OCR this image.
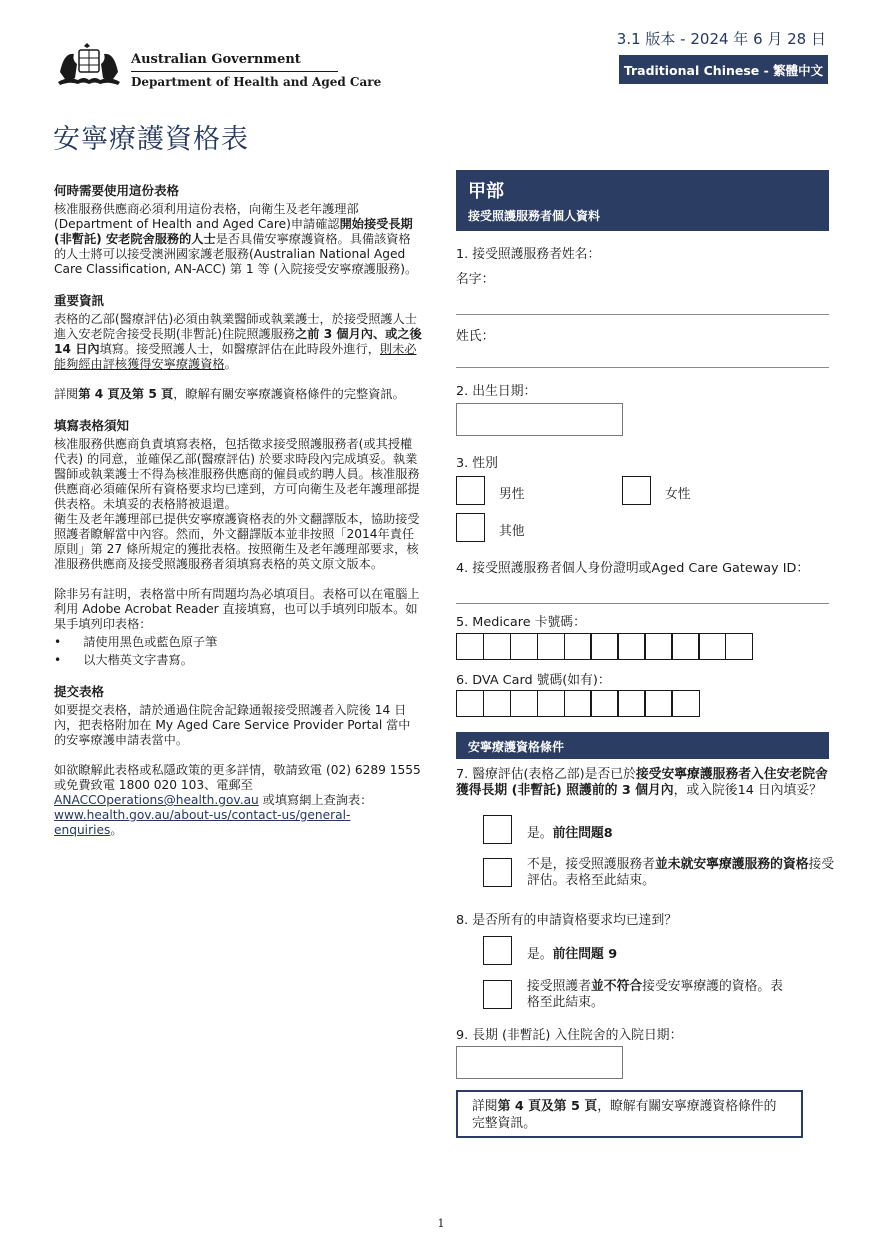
Australian Government
Department of Health and Aged Care
3.1 版本 - 2024 年 6 月 28 日
Traditional Chinese - 繁體中文
安寧療護資格表
何時需要使用這份表格

核准服務供應商必須利用這份表格，向衛生及老年護理部 (Department of Health and Aged Care)申請確認開始接受長期 (非暫託) 安老院舍服務的人士是否具備安寧療護資格。具備該資格的人士將可以接受澳洲國家護老服務(Australian National Aged Care Classification, AN-ACC) 第 1 等 (入院接受安寧療護服務)。

重要資訊

表格的乙部(醫療評估)必須由執業醫師或執業護士，於接受照護人士進入安老院舍接受長期(非暫託)住院照護服務之前 3 個月內、或之後 14 日內填寫。接受照護人士，如醫療評估在此時段外進行，則未必能夠經由評核獲得安寧療護資格。

詳閱第 4 頁及第 5 頁，瞭解有關安寧療護資格條件的完整資訊。

填寫表格須知

核准服務供應商負責填寫表格，包括徵求接受照護服務者(或其授權代表) 的同意，並確保乙部(醫療評估) 於要求時段內完成填妥。執業醫師或執業護士不得為核准服務供應商的僱員或約聘人員。核准服務供應商必須確保所有資格要求均已達到，方可向衛生及老年護理部提供表格。未填妥的表格將被退還。

衛生及老年護理部已提供安寧療護資格表的外文翻譯版本，協助接受照護者瞭解當中內容。然而，外文翻譯版本並非按照「2014年責任原則」第 27 條所規定的獲批表格。按照衛生及老年護理部要求，核准服務供應商及接受照護服務者須填寫表格的英文原文版本。

除非另有註明，表格當中所有問題均為必填項目。表格可以在電腦上利用 Adobe Acrobat Reader 直接填寫，也可以手填列印版本。如果手填列印表格：

• 請使用黑色或藍色原子筆
• 以大楷英文字書寫。
提交表格

如要提交表格，請於通過住院舍記錄通報接受照護者入院後 14 日內，把表格附加在 My Aged Care Service Provider Portal 當中的安寧療護申請表當中。

如欲瞭解此表格或私隱政策的更多詳情，敬請致電 (02) 6289 1555 或免費致電 1800 020 103、電郵至ANACCOperations@health.gov.au 或填寫網上查詢表：www.health.gov.au/about-us/contact-us/general- enquiries。

甲部
接受照護服務者個人資料
1. 接受照護服務者姓名：
名字：
姓氏：
2. 出生日期：
3. 性別
男性	女性
其他
4. 接受照護服務者個人身份證明或Aged Care Gateway ID：
5. Medicare 卡號碼：
6. DVA Card 號碼(如有)：
安寧療護資格條件
7. 醫療評估(表格乙部)是否已於接受安寧療護服務者入住安老院舍獲得長期 (非暫託) 照護前的 3 個月內，或入院後14 日內填妥？
是。前往問題8
不是，接受照護服務者並未就安寧療護服務的資格接受評估。表格至此結束。
8. 是否所有的申請資格要求均已達到？
是。前往問題 9
接受照護者並不符合接受安寧療護的資格。表格至此結束。
9. 長期 (非暫託) 入住院舍的入院日期：
詳閱第 4 頁及第 5 頁，瞭解有關安寧療護資格條件的完整資訊。
1
